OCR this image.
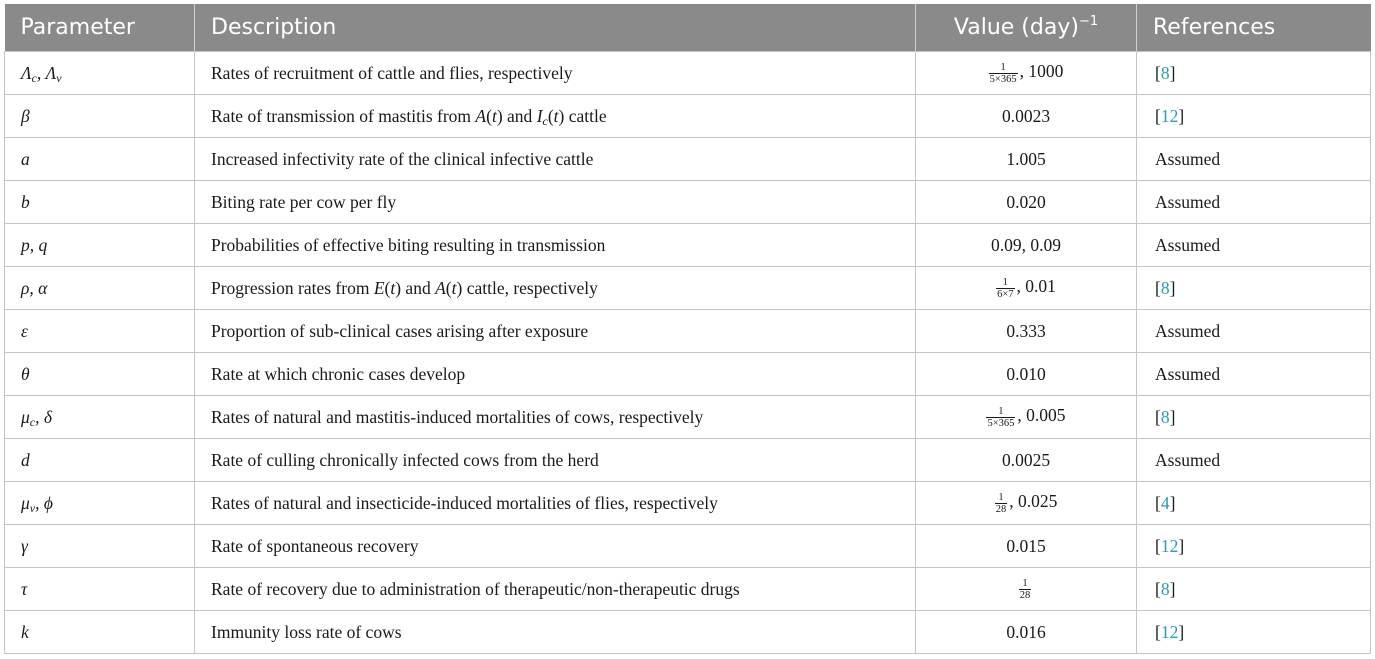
Parameter	Description	Value (day)$^{-1}$	References
$\Lambda_c$, $\Lambda_v$	Rates of recruitment of cattle and flies, respectively	$\frac{1}{5\times 365}$ , 1000	[8]
β	Rate of transmission of mastitis from A(t) and $I_c(t)$ cattle	0.0023	[12]
a	Increased infectivity rate of the clinical infective cattle	1.005	Assumed
b	Biting rate per cow per fly	0.020	Assumed
p, q	Probabilities of effective biting resulting in transmission	0.09, 0.09	Assumed
ρ, α	Progression rates from E(t) and A(t) cattle, respectively	$\frac{1}{6\times 7}$ , 0.01	[8]
ε	Proportion of sub-clinical cases arising after exposure	0.333	Assumed
θ	Rate at which chronic cases develop	0.010	Assumed
$\mu_c$, δ	Rates of natural and mastitis-induced mortalities of cows, respectively	$\frac{1}{5\times 365}$ , 0.005	[8]
d	Rate of culling chronically infected cows from the herd	0.0025	Assumed
$\mu_v$, ϕ	Rates of natural and insecticide-induced mortalities of flies, respectively	$\frac{1}{28}$ , 0.025	[4]
γ	Rate of spontaneous recovery	0.015	[12]
τ	Rate of recovery due to administration of therapeutic/non-therapeutic drugs	$\frac{1}{28}$	[8]
k	Immunity loss rate of cows	0.016	[12]
